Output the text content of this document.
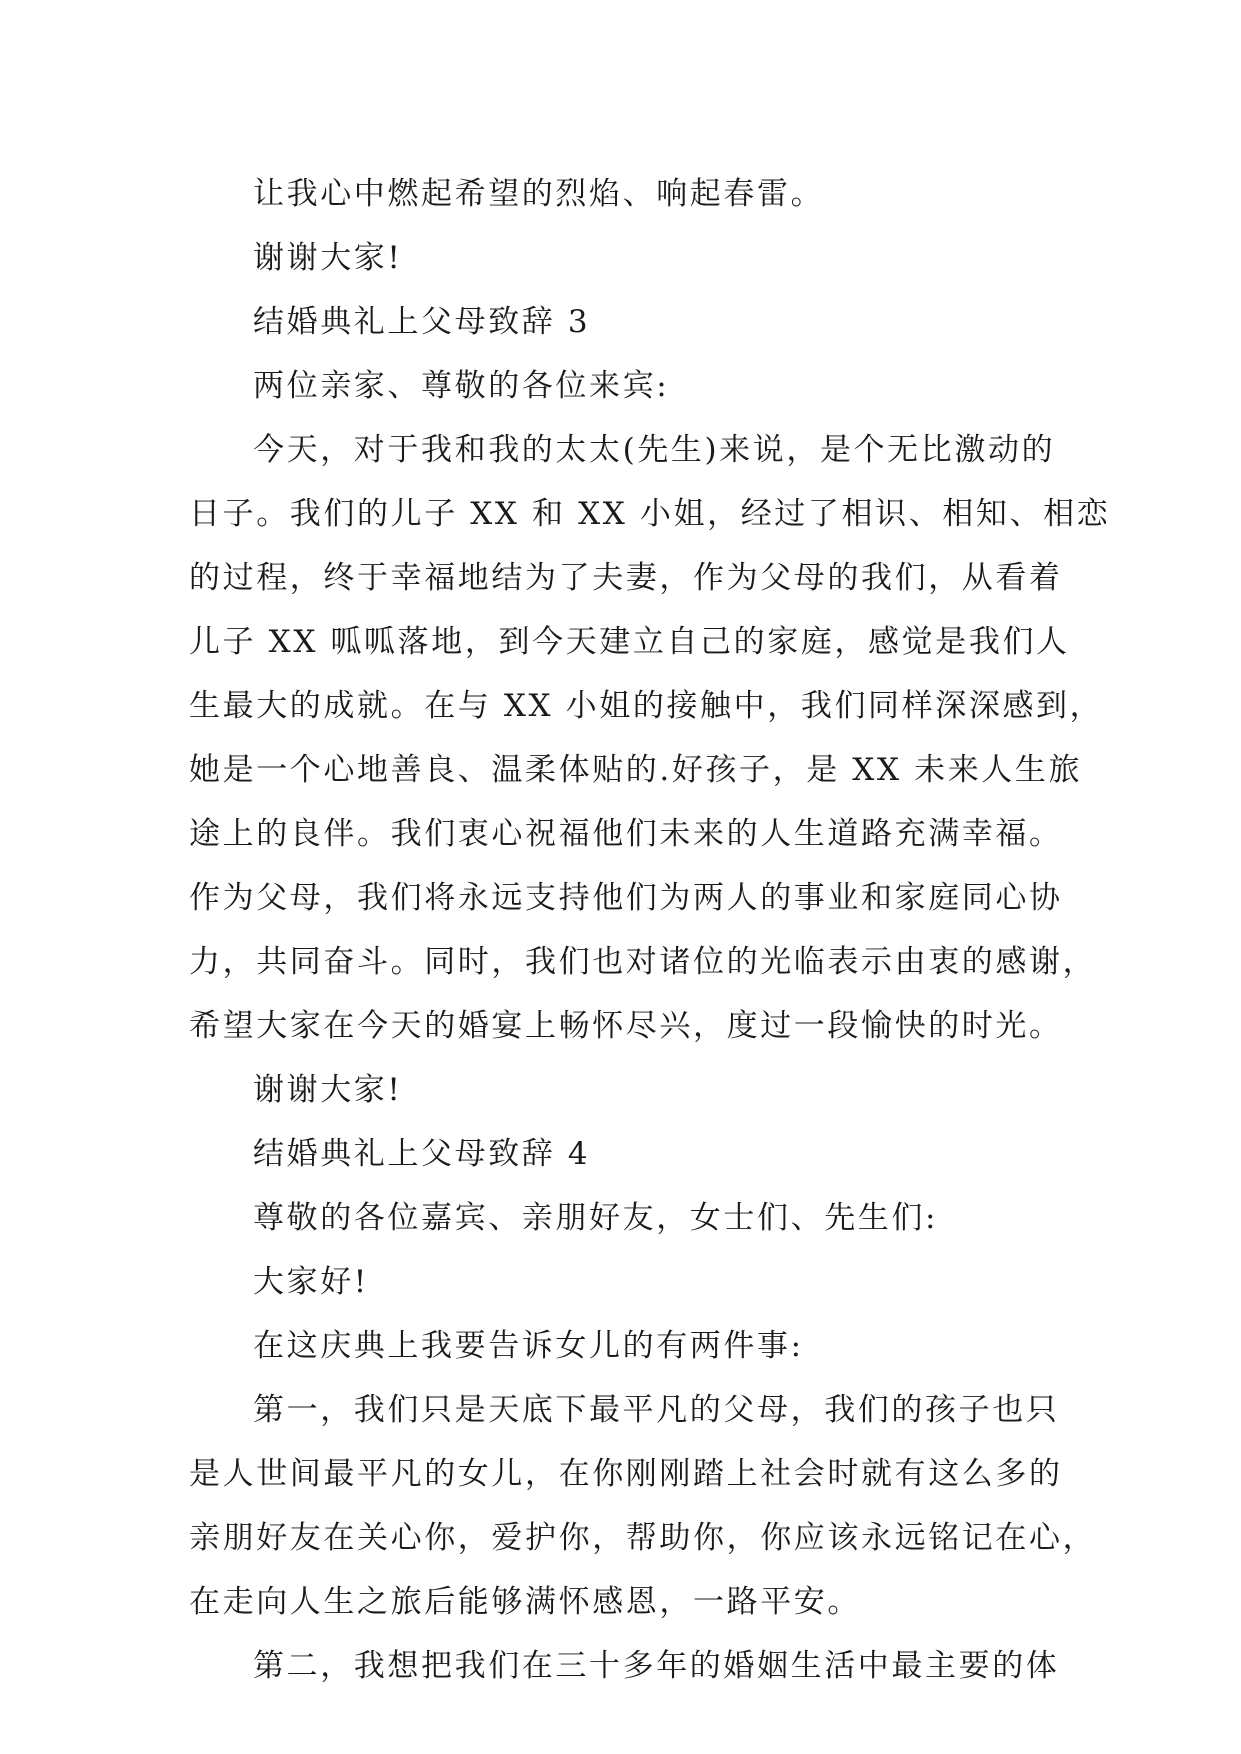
让我心中燃起希望的烈焰、响起春雷。
谢谢大家!
结婚典礼上父母致辞 3
两位亲家、尊敬的各位来宾:
今天，对于我和我的太太(先生)来说，是个无比激动的
日子。我们的儿子 XX 和 XX 小姐，经过了相识、相知、相恋
的过程，终于幸福地结为了夫妻，作为父母的我们，从看着
儿子 XX 呱呱落地，到今天建立自己的家庭，感觉是我们人
生最大的成就。在与 XX 小姐的接触中，我们同样深深感到，
她是一个心地善良、温柔体贴的.好孩子，是 XX 未来人生旅
途上的良伴。我们衷心祝福他们未来的人生道路充满幸福。
作为父母，我们将永远支持他们为两人的事业和家庭同心协
力，共同奋斗。同时，我们也对诸位的光临表示由衷的感谢，
希望大家在今天的婚宴上畅怀尽兴，度过一段愉快的时光。
谢谢大家!
结婚典礼上父母致辞 4
尊敬的各位嘉宾、亲朋好友，女士们、先生们:
大家好!
在这庆典上我要告诉女儿的有两件事:
第一，我们只是天底下最平凡的父母，我们的孩子也只
是人世间最平凡的女儿，在你刚刚踏上社会时就有这么多的
亲朋好友在关心你，爱护你，帮助你，你应该永远铭记在心，
在走向人生之旅后能够满怀感恩，一路平安。
第二，我想把我们在三十多年的婚姻生活中最主要的体
